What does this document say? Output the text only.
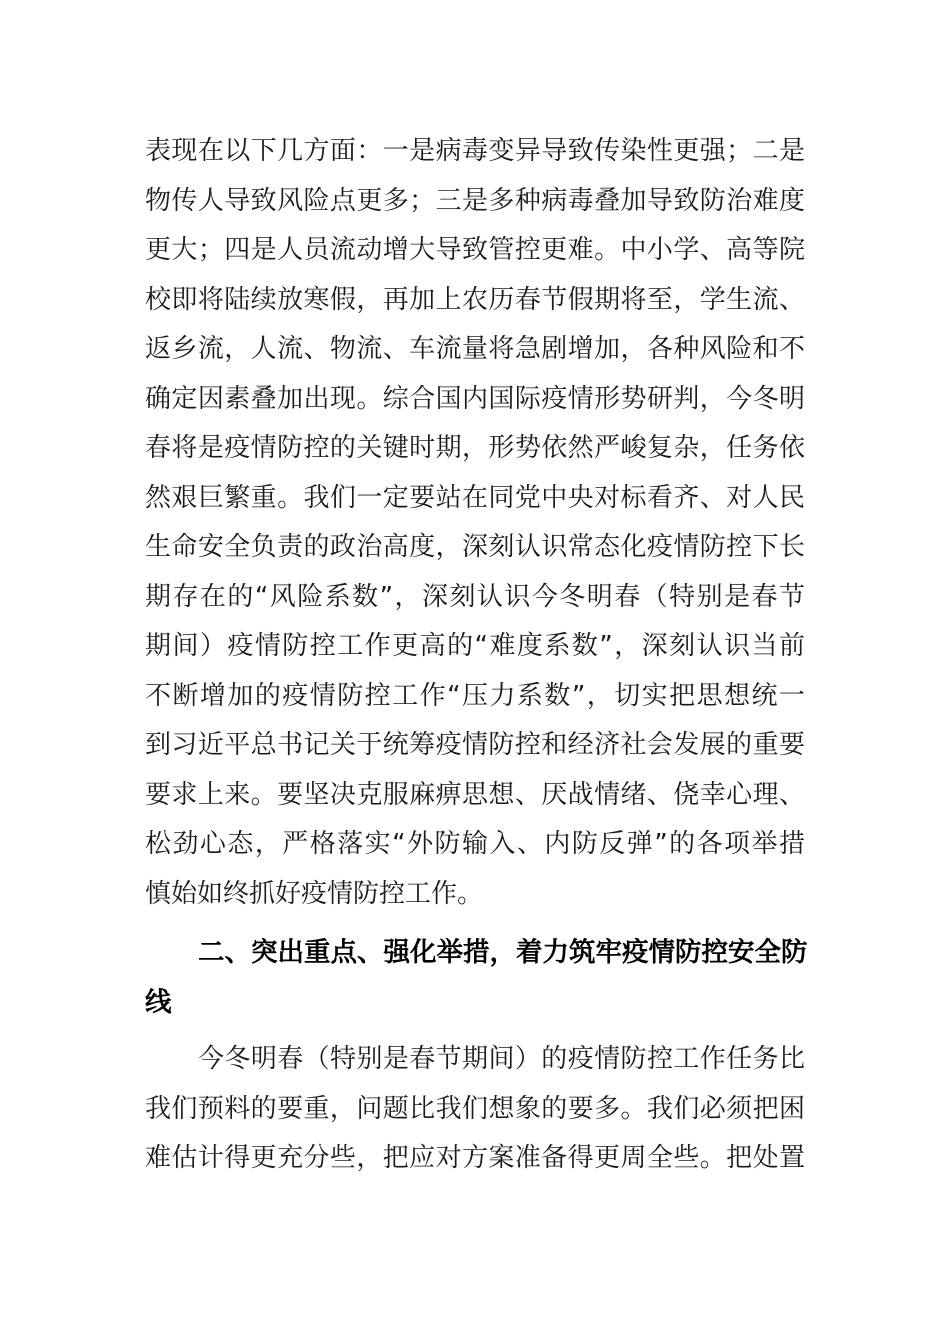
表现在以下几方面：一是病毒变异导致传染性更强；二是
物传人导致风险点更多；三是多种病毒叠加导致防治难度
更大；四是人员流动增大导致管控更难。中小学、高等院
校即将陆续放寒假，再加上农历春节假期将至，学生流、
返乡流，人流、物流、车流量将急剧增加，各种风险和不
确定因素叠加出现。综合国内国际疫情形势研判，今冬明
春将是疫情防控的关键时期，形势依然严峻复杂，任务依
然艰巨繁重。我们一定要站在同党中央对标看齐、对人民
生命安全负责的政治高度，深刻认识常态化疫情防控下长
期存在的“风险系数”，深刻认识今冬明春（特别是春节
期间）疫情防控工作更高的“难度系数”，深刻认识当前
不断增加的疫情防控工作“压力系数”，切实把思想统一
到习近平总书记关于统筹疫情防控和经济社会发展的重要
要求上来。要坚决克服麻痹思想、厌战情绪、侥幸心理、
松劲心态，严格落实“外防输入、内防反弹”的各项举措
慎始如终抓好疫情防控工作。
二、突出重点、强化举措，着力筑牢疫情防控安全防
线
今冬明春（特别是春节期间）的疫情防控工作任务比
我们预料的要重，问题比我们想象的要多。我们必须把困
难估计得更充分些，把应对方案准备得更周全些。把处置
